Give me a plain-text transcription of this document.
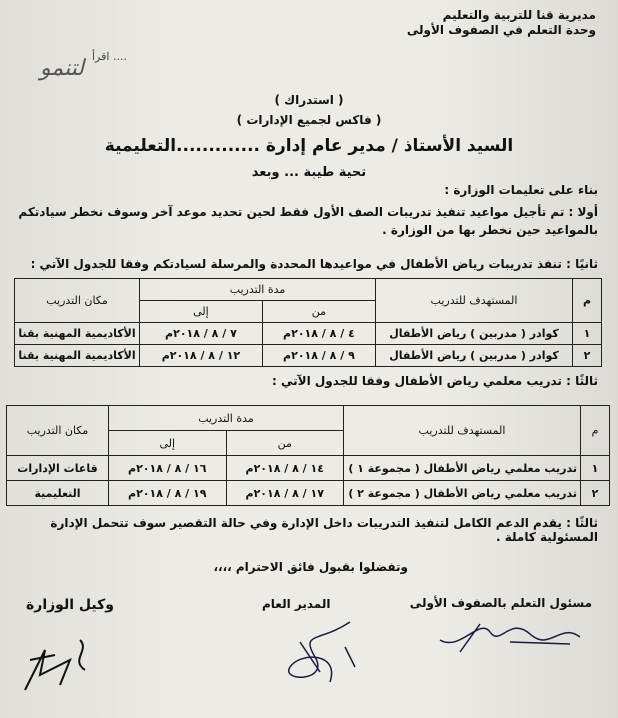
مديرية قنا للتربية والتعليم
وحدة التعلم في الصفوف الأولى
اقرأ ....
لتنمو
( استدراك )
( فاكس لجميع الإدارات )
السيد الأستاذ / مدير عام إدارة .............التعليمية
تحية طيبة ... وبعد
بناء على تعليمات الوزارة :
أولا : تم تأجيل مواعيد تنفيذ تدريبات الصف الأول فقط لحين تحديد موعد آخر وسوف نخطر سيادتكم بالمواعيد حين نخطر بها من الوزارة .
ثانيًا : تنفذ تدريبات رياض الأطفال في مواعيدها المحددة والمرسلة لسيادتكم وفقا للجدول الآتي :
م	المستهدف للتدريب	مدة التدريب		مكان التدريب
		من	إلى	
١	كوادر ( مدربين ) رياض الأطفال	٤ / ٨ / ٢٠١٨م	٧ / ٨ / ٢٠١٨م	الأكاديمية المهنية بقنا
٢	كوادر ( مدربين ) رياض الأطفال	٩ / ٨ / ٢٠١٨م	١٢ / ٨ / ٢٠١٨م	الأكاديمية المهنية بقنا
ثالثًا : تدريب معلمي رياض الأطفال وفقا للجدول الآتي :
م	المستهدف للتدريب	مدة التدريب		مكان التدريب
		من	إلى	
١	تدريب معلمي رياض الأطفال ( مجموعة ١ )	١٤ / ٨ / ٢٠١٨م	١٦ / ٨ / ٢٠١٨م	قاعات الإدارات
٢	تدريب معلمي رياض الأطفال ( مجموعة ٢ )	١٧ / ٨ / ٢٠١٨م	١٩ / ٨ / ٢٠١٨م	التعليمية
ثالثًا : يقدم الدعم الكامل لتنفيذ التدريبات داخل الإدارة وفي حالة التقصير سوف تتحمل الإدارة المسئولية كاملة .
وتفضلوا بقبول فائق الاحترام ،،،،
مسئول التعلم بالصفوف الأولى
المدير العام
وكيل الوزارة
